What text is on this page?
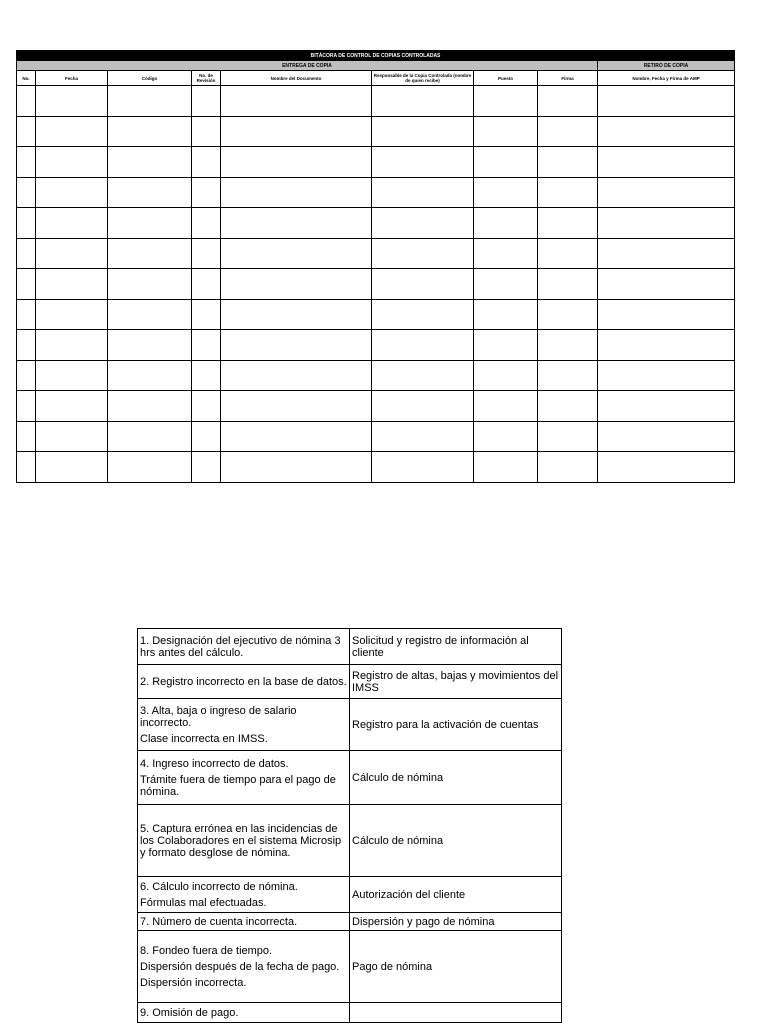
BITÁCORA DE CONTROL DE COPIAS CONTROLADAS								
ENTREGA DE COPIA								RETIRO DE COPIA
No.	Fecha	Código	No. de Revisión	Nombre del Documento	Responsable de la Copia Controlada (nombre de quien recibe)	Puesto	Firma	Nombre, Fecha y Firma de AMP

1. Designación del ejecutivo de nómina 3 hrs antes del cálculo.	Solicitud y registro de información al cliente

2. Registro incorrecto en la base de datos.	Registro de altas, bajas y movimientos del IMSS

3. Alta, baja o ingreso de salario incorrecto.

Clase incorrecta en IMSS.	Registro para la activación de cuentas

4. Ingreso incorrecto de datos.

Trámite fuera de tiempo para el pago de nómina.	Cálculo de nómina

5. Captura errónea en las incidencias de los Colaboradores en el sistema Microsip y formato desglose de nómina.	Cálculo de nómina

6. Cálculo incorrecto de nómina.

Fórmulas mal efectuadas.	Autorización del cliente

7. Número de cuenta incorrecta.	Dispersión y pago de nómina

8. Fondeo fuera de tiempo.

Dispersión después de la fecha de pago.

Dispersión incorrecta.	Pago de nómina

9. Omisión de pago.	
